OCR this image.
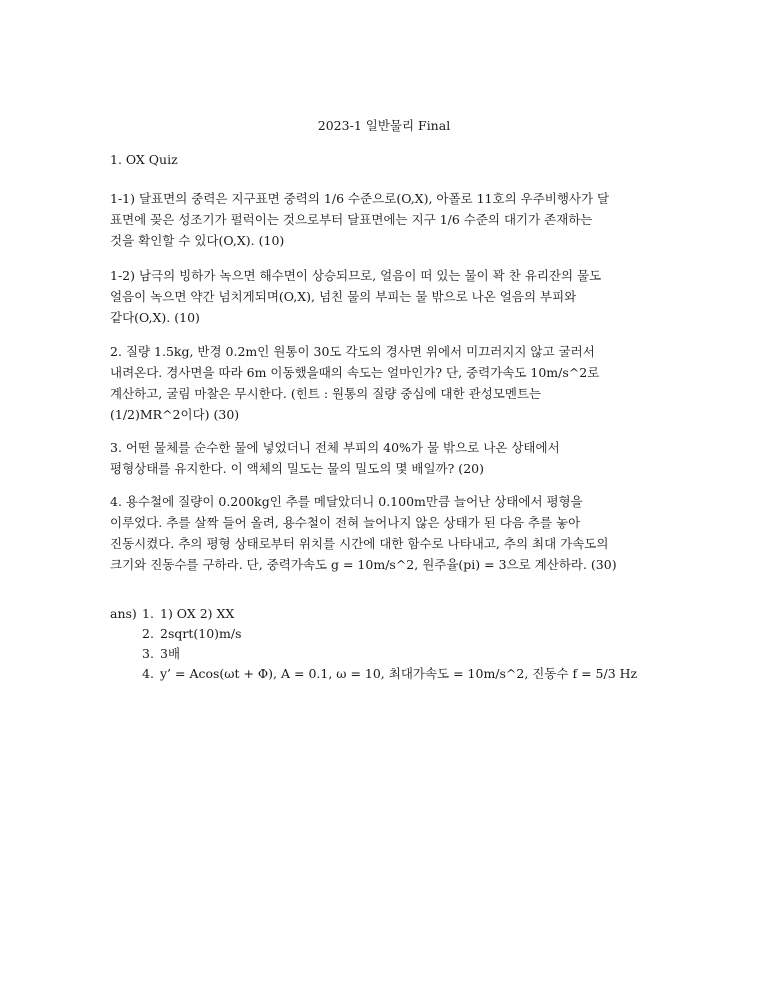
2023-1 일반물리 Final
1. OX Quiz
1-1) 달표면의 중력은 지구표면 중력의 1/6 수준으로(O,X), 아폴로 11호의 우주비행사가 달
표면에 꽂은 성조기가 펄럭이는 것으로부터 달표면에는 지구 1/6 수준의 대기가 존재하는
것을 확인할 수 있다(O,X). (10)
1-2) 남극의 빙하가 녹으면 해수면이 상승되므로, 얼음이 떠 있는 물이 꽉 찬 유리잔의 물도
얼음이 녹으면 약간 넘치게되며(O,X), 넘친 물의 부피는 물 밖으로 나온 얼음의 부피와
같다(O,X). (10)
2. 질량 1.5kg, 반경 0.2m인 원통이 30도 각도의 경사면 위에서 미끄러지지 않고 굴러서
내려온다. 경사면을 따라 6m 이동했을때의 속도는 얼마인가? 단, 중력가속도 10m/s^2로
계산하고, 굴림 마찰은 무시한다. (힌트 : 원통의 질량 중심에 대한 관성모멘트는
(1/2)MR^2이다) (30)
3. 어떤 물체를 순수한 물에 넣었더니 전체 부피의 40%가 물 밖으로 나온 상태에서
평형상태를 유지한다. 이 액체의 밀도는 물의 밀도의 몇 배일까? (20)
4. 용수철에 질량이 0.200kg인 추를 메달았더니 0.100m만큼 늘어난 상태에서 평형을
이루었다. 추를 살짝 들어 올려, 용수철이 전혀 늘어나지 않은 상태가 된 다음 추를 놓아
진동시켰다. 추의 평형 상태로부터 위치를 시간에 대한 함수로 나타내고, 추의 최대 가속도의
크기와 진동수를 구하라. 단, 중력가속도 g = 10m/s^2, 원주율(pi) = 3으로 계산하라. (30)
ans) 1. 1) OX 2) XX
2. 2sqrt(10)m/s
3. 3배
4. y’ = Acos(ωt + Φ), A = 0.1, ω = 10, 최대가속도 = 10m/s^2, 진동수 f = 5/3 Hz
